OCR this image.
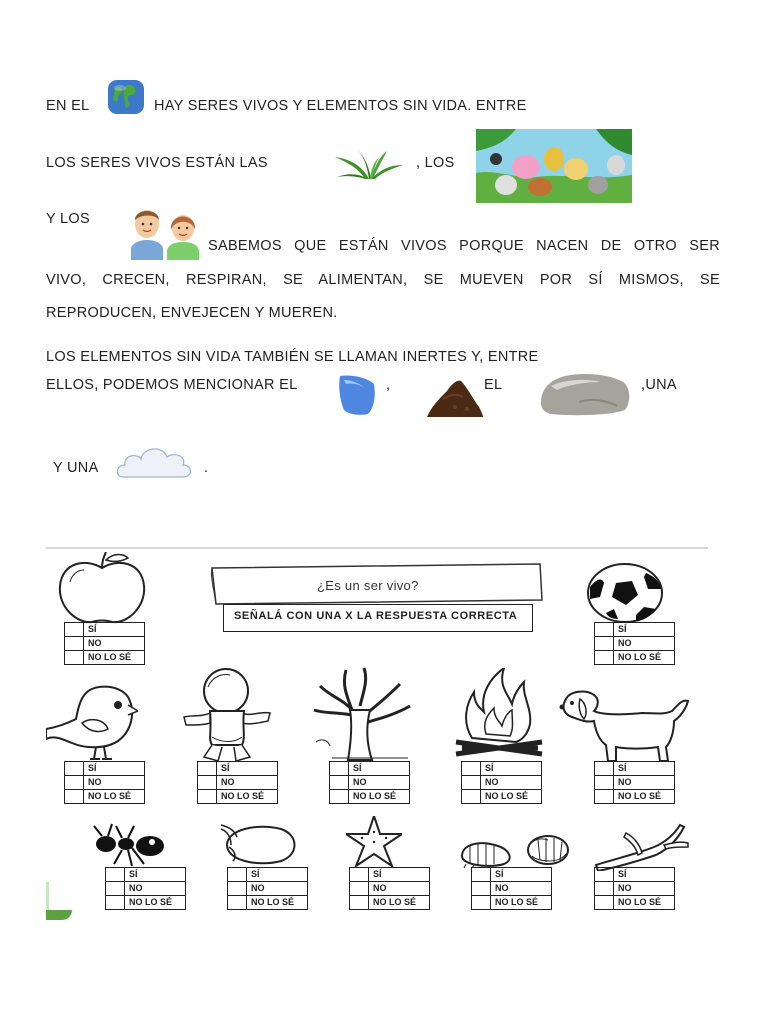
EN EL	HAY SERES VIVOS Y ELEMENTOS SIN VIDA. ENTRE
LOS SERES VIVOS ESTÁN LAS	, LOS
Y LOS
SABEMOS QUE ESTÁN VIVOS PORQUE NACEN DE OTRO SER
VIVO, CRECEN, RESPIRAN, SE ALIMENTAN, SE MUEVEN POR SÍ MISMOS, SE
REPRODUCEN, ENVEJECEN Y MUEREN.
LOS ELEMENTOS SIN VIDA TAMBIÉN SE LLAMAN INERTES Y, ENTRE
ELLOS, PODEMOS MENCIONAR EL	,	EL	,UNA
Y UNA	.
¿Es un ser vivo?
SEÑALÁ CON UNA X LA RESPUESTA CORRECTA
	SÍ
	NO
	NO LO SÉ
	SÍ
	NO
	NO LO SÉ
	SÍ
	NO
	NO LO SÉ
	SÍ
	NO
	NO LO SÉ
	SÍ
	NO
	NO LO SÉ
	SÍ
	NO
	NO LO SÉ
	SÍ
	NO
	NO LO SÉ
	SÍ
	NO
	NO LO SÉ
	SÍ
	NO
	NO LO SÉ
	SÍ
	NO
	NO LO SÉ
	SÍ
	NO
	NO LO SÉ
	SÍ
	NO
	NO LO SÉ
